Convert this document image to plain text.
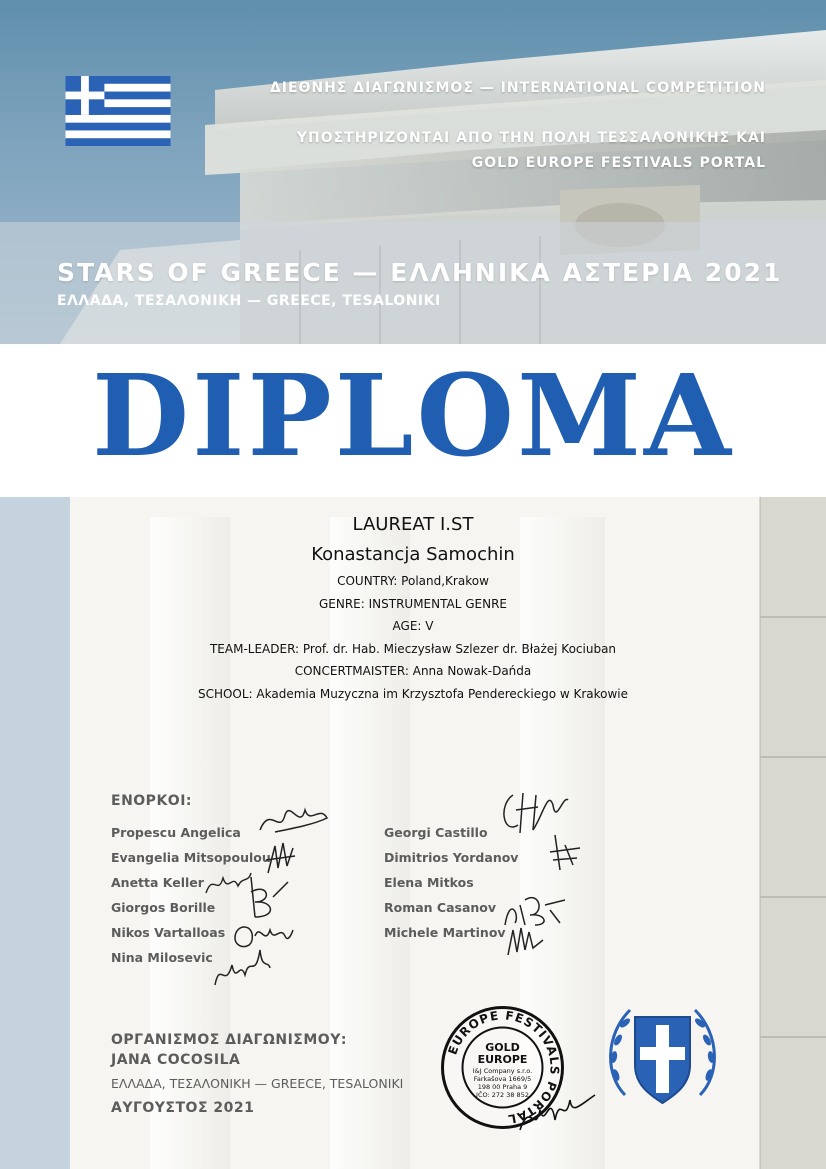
ΔΙΕΘΝΗΣ ΔΙΑΓΩΝΙΣΜΟΣ — INTERNATIONAL COMPETITION
ΥΠΟΣΤΗΡΙΖΟΝΤΑΙ ΑΠΟ ΤΗΝ ΠΟΛΗ ΤΕΣΣΑΛΟΝΙΚΗΣ ΚΑΙ
GOLD EUROPE FESTIVALS PORTAL
STARS OF GREECE — ΕΛΛΗΝΙΚΑ ΑΣΤΕΡΙΑ 2021
ΕΛΛΑΔΑ, ΤΕΣΑΛΟΝΙΚΗ — GREECE, TESALONIKI
DIPLOMA
LAUREAT I.ST
Konastancja Samochin
COUNTRY: Poland,Krakow
GENRE: INSTRUMENTAL GENRE
AGE: V
TEAM-LEADER: Prof. dr. Hab. Mieczysław Szlezer dr. Błażej Kociuban
CONCERTMAISTER: Anna Nowak-Dańda
SCHOOL: Akademia Muzyczna im Krzysztofa Pendereckiego w Krakowie
ΕΝΟΡΚΟΙ:
Propescu Angelica
Evangelia Mitsopoulou
Anetta Keller
Giorgos Borille
Nikos Vartalloas
Nina Milosevic
Georgi Castillo
Dimitrios Yordanov
Elena Mitkos
Roman Casanov
Michele Martinov
ΟΡΓΑΝΙΣΜΟΣ ΔΙΑΓΩΝΙΣΜΟΥ:
JANA COCOSILA
ΕΛΛΑΔΑ, ΤΕΣΑΛΟΝΙΚΗ — GREECE, TESALONIKI
ΑΥΓΟΥΣΤΟΣ 2021
EUROPE FESTIVALS PORTAL
GOLD
EUROPE
I&J Company s.r.o.
Farkašova 1669/5
198 00 Praha 9
IČO: 272 38 852
